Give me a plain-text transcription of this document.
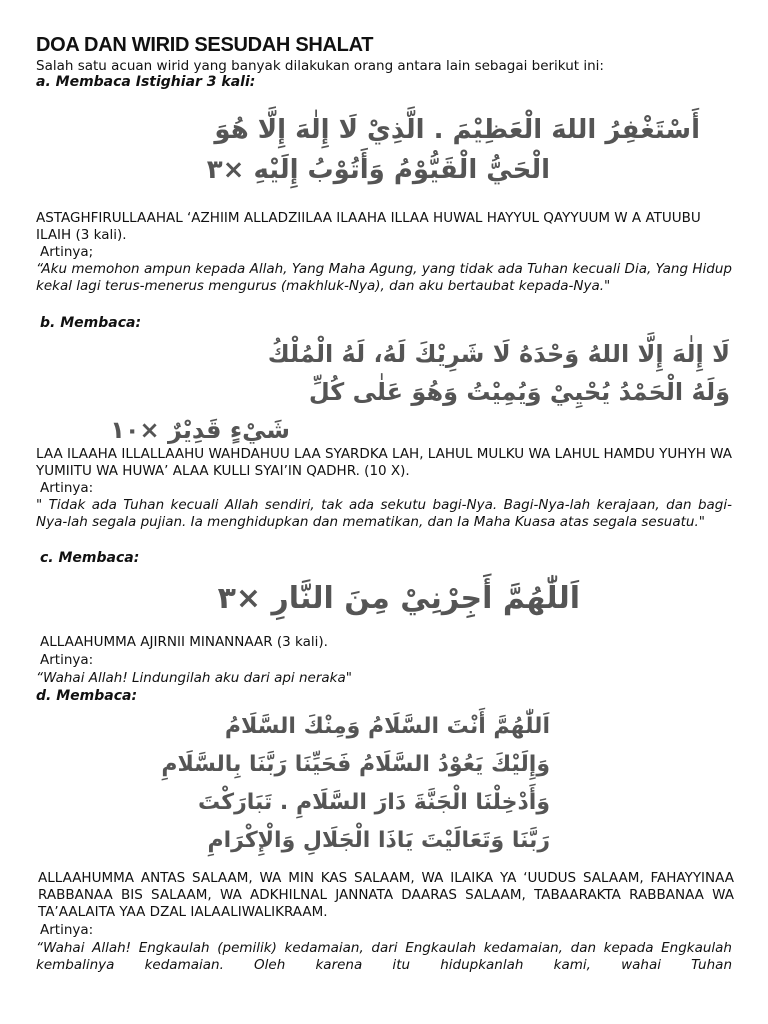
DOA DAN WIRID SESUDAH SHALAT
Salah satu acuan wirid yang banyak dilakukan orang antara lain sebagai berikut ini:
a. Membaca Istighiar 3 kali:
أَسْتَغْفِرُ اللهَ الْعَظِيْمَ . الَّذِيْ لَا إِلٰهَ إِلَّا هُوَ
الْحَيُّ الْقَيُّوْمُ وَأَتُوْبُ إِلَيْهِ ×٣
ASTAGHFIRULLAAHAL ‘AZHIIM ALLADZIILAA ILAAHA ILLAA HUWAL HAYYUL QAYYUUM W A ATUUBU ILAIH (3 kali).
Artinya;
“Aku memohon ampun kepada Allah, Yang Maha Agung, yang tidak ada Tuhan kecuali Dia, Yang Hidup kekal lagi terus-menerus mengurus (makhluk-Nya), dan aku bertaubat kepada-Nya."
b. Membaca:
لَا إِلٰهَ إِلَّا اللهُ وَحْدَهُ لَا شَرِيْكَ لَهُ، لَهُ الْمُلْكُ
وَلَهُ الْحَمْدُ يُحْيِيْ وَيُمِيْتُ وَهُوَ عَلٰى كُلِّ
شَيْءٍ قَدِيْرٌ ×١٠
LAA ILAAHA ILLALLAAHU WAHDAHUU LAA SYARDKA LAH, LAHUL MULKU WA LAHUL HAMDU YUHYH WA YUMIITU WA HUWA’ ALAA KULLI SYAI’IN QADHR. (10 X).
Artinya:
" Tidak ada Tuhan kecuali Allah sendiri, tak ada sekutu bagi-Nya. Bagi-Nya-lah kerajaan, dan bagi-Nya-lah segala pujian. Ia menghidupkan dan mematikan, dan Ia Maha Kuasa atas segala sesuatu."
c. Membaca:
اَللّٰهُمَّ أَجِرْنِيْ مِنَ النَّارِ ×٣
ALLAAHUMMA AJIRNII MINANNAAR (3 kali).
Artinya:
“Wahai Allah! Lindungilah aku dari api neraka"
d. Membaca:
اَللّٰهُمَّ أَنْتَ السَّلَامُ وَمِنْكَ السَّلَامُ
وَإِلَيْكَ يَعُوْدُ السَّلَامُ فَحَيِّنَا رَبَّنَا بِالسَّلَامِ
وَأَدْخِلْنَا الْجَنَّةَ دَارَ السَّلَامِ . تَبَارَكْتَ
رَبَّنَا وَتَعَالَيْتَ يَاذَا الْجَلَالِ وَالْإِكْرَامِ
ALLAAHUMMA ANTAS SALAAM, WA MIN KAS SALAAM, WA ILAIKA YA ‘UUDUS SALAAM, FAHAYYINAA RABBANAA BIS SALAAM, WA ADKHILNAL JANNATA DAARAS SALAAM, TABAARAKTA RABBANAA WA TA’AALAITA YAA DZAL IALAALIWALIKRAAM.
Artinya:
“Wahai Allah! Engkaulah (pemilik) kedamaian, dari Engkaulah kedamaian, dan kepada Engkaulah kembalinya kedamaian. Oleh karena itu hidupkanlah kami, wahai Tuhan
